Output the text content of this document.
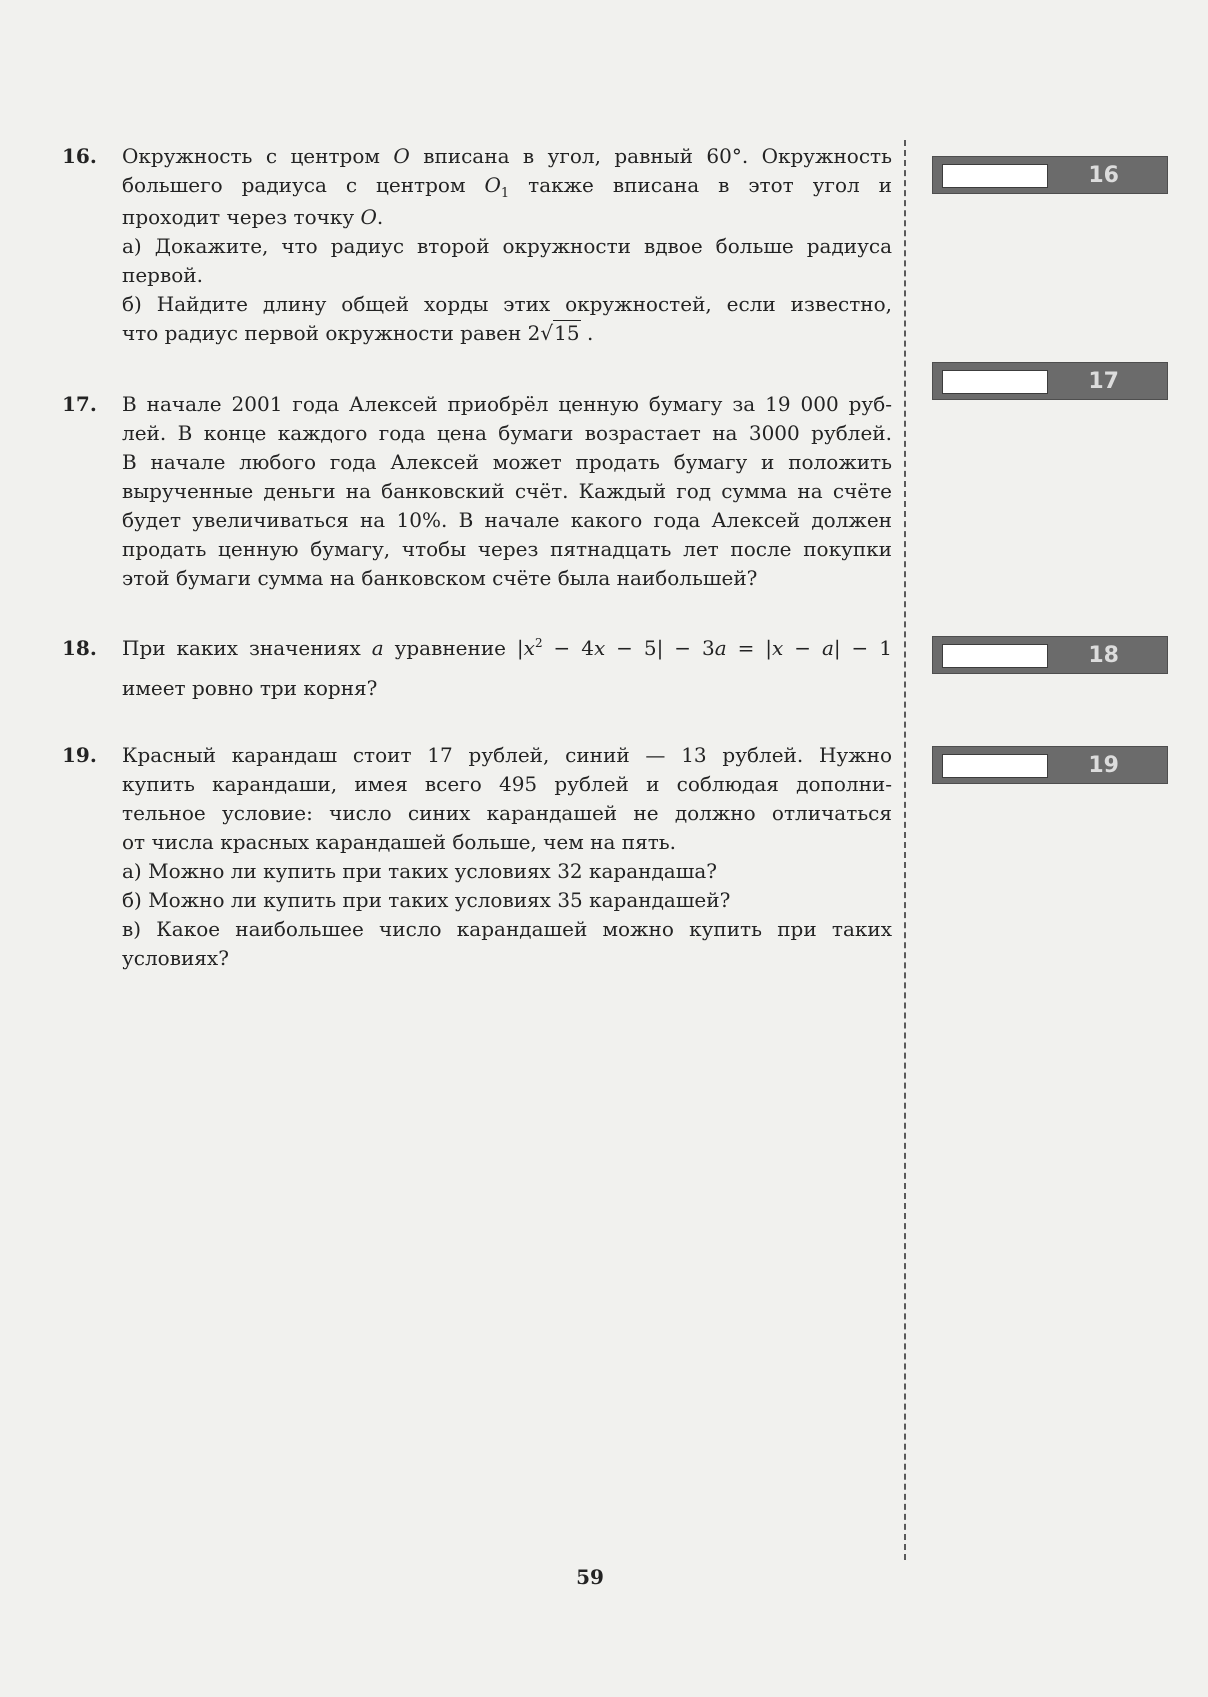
16. Окружность с центром O вписана в угол, равный 60°. Окружность
большего радиуса с центром $O_1$ также вписана в этот угол и
проходит через точку O.
а) Докажите, что радиус второй окружности вдвое больше радиуса
первой.
б) Найдите длину общей хорды этих окружностей, если известно,
что радиус первой окружности равен 2√15 .
17. В начале 2001 года Алексей приобрёл ценную бумагу за 19 000 руб-
лей. В конце каждого года цена бумаги возрастает на 3000 рублей.
В начале любого года Алексей может продать бумагу и положить
вырученные деньги на банковский счёт. Каждый год сумма на счёте
будет увеличиваться на 10%. В начале какого года Алексей должен
продать ценную бумагу, чтобы через пятнадцать лет после покупки
этой бумаги сумма на банковском счёте была наибольшей?
18. При каких значениях a уравнение $|x^2 - 4x - 5| - 3a = |x - a| - 1$
имеет ровно три корня?
19. Красный карандаш стоит 17 рублей, синий — 13 рублей. Нужно
купить карандаши, имея всего 495 рублей и соблюдая дополни-
тельное условие: число синих карандашей не должно отличаться
от числа красных карандашей больше, чем на пять.
а) Можно ли купить при таких условиях 32 карандаша?
б) Можно ли купить при таких условиях 35 карандашей?
в) Какое наибольшее число карандашей можно купить при таких
условиях?
16
17
18
19
59
